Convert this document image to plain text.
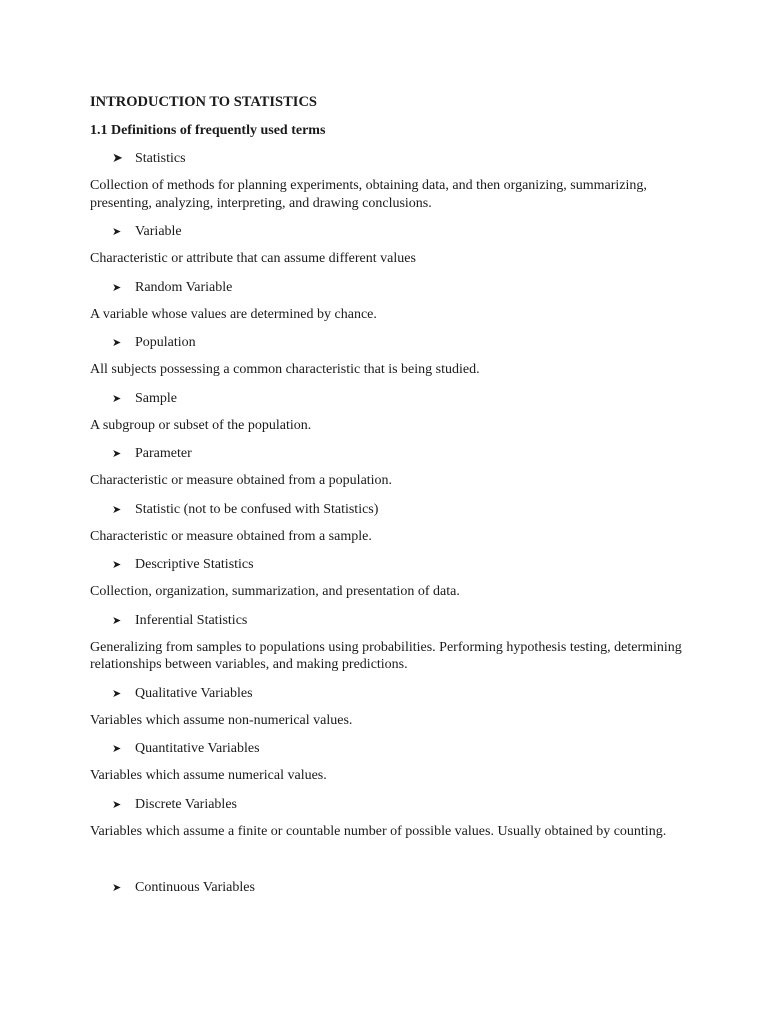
INTRODUCTION TO STATISTICS
1.1 Definitions of frequently used terms
➤ Statistics
Collection of methods for planning experiments, obtaining data, and then organizing, summarizing, presenting, analyzing, interpreting, and drawing conclusions.
➤ Variable
Characteristic or attribute that can assume different values
➤ Random Variable
A variable whose values are determined by chance.
➤ Population
All subjects possessing a common characteristic that is being studied.
➤ Sample
A subgroup or subset of the population.
➤ Parameter
Characteristic or measure obtained from a population.
➤ Statistic (not to be confused with Statistics)
Characteristic or measure obtained from a sample.
➤ Descriptive Statistics
Collection, organization, summarization, and presentation of data.
➤ Inferential Statistics
Generalizing from samples to populations using probabilities. Performing hypothesis testing, determining relationships between variables, and making predictions.
➤ Qualitative Variables
Variables which assume non-numerical values.
➤ Quantitative Variables
Variables which assume numerical values.
➤ Discrete Variables
Variables which assume a finite or countable number of possible values. Usually obtained by counting.
➤ Continuous Variables
